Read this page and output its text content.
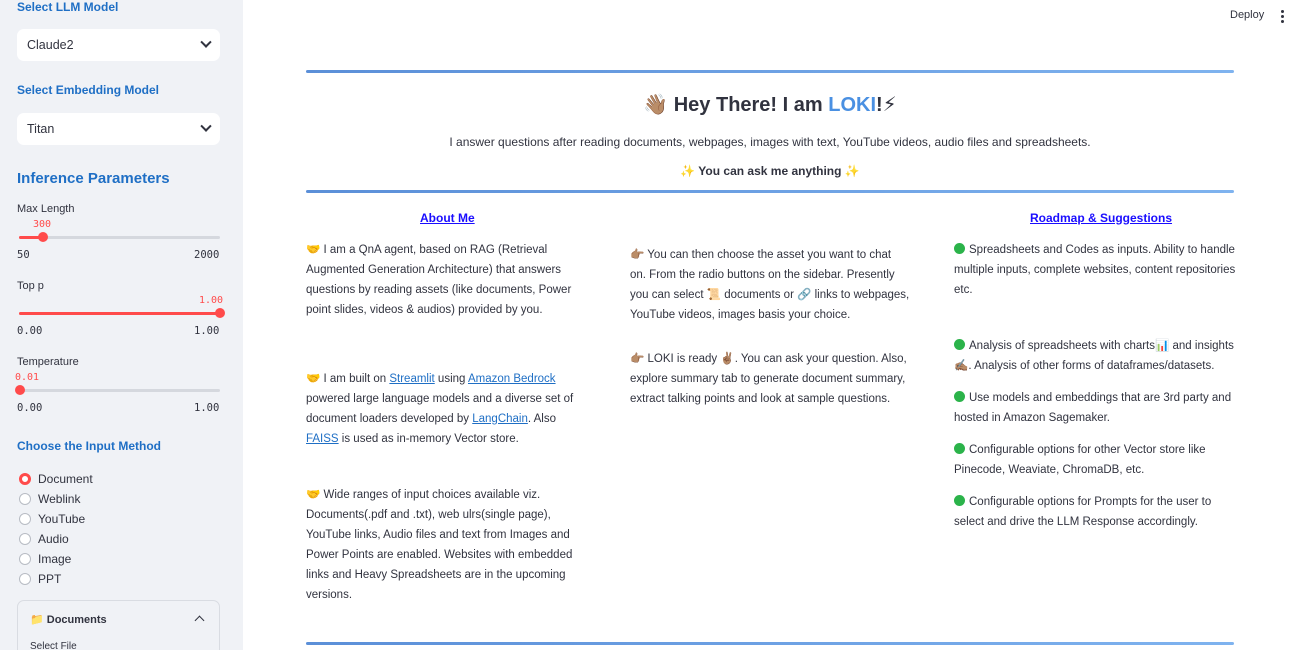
Select LLM Model
Claude2
Select Embedding Model
Titan
Inference Parameters
Max Length
300
50	2000
Top p
1.00
0.00	1.00
Temperature
0.01
0.00	1.00
Choose the Input Method
Document
Weblink
YouTube
Audio
Image
PPT
📁 Documents
Select File
Deploy
👋🏽 Hey There! I am LOKI!⚡
I answer questions after reading documents, webpages, images with text, YouTube videos, audio files and spreadsheets.
✨ You can ask me anything ✨
About Me	Roadmap & Suggestions
🤝 I am a QnA agent, based on RAG (Retrieval Augmented Generation Architecture) that answers questions by reading assets (like documents, Power point slides, videos & audios) provided by you.
🤝 I am built on Streamlit using Amazon Bedrock powered large language models and a diverse set of document loaders developed by LangChain. Also FAISS is used as in-memory Vector store.
🤝 Wide ranges of input choices available viz. Documents(.pdf and .txt), web ulrs(single page), YouTube links, Audio files and text from Images and Power Points are enabled. Websites with embedded links and Heavy Spreadsheets are in the upcoming versions.
👉🏽 You can then choose the asset you want to chat on. From the radio buttons on the sidebar. Presently you can select 📜 documents or 🔗 links to webpages, YouTube videos, images basis your choice.
👉🏽 LOKI is ready ✌🏽. You can ask your question. Also, explore summary tab to generate document summary, extract talking points and look at sample questions.
Spreadsheets and Codes as inputs. Ability to handle multiple inputs, complete websites, content repositories etc.
Analysis of spreadsheets with charts📊 and insights ✍🏽. Analysis of other forms of dataframes/datasets.
Use models and embeddings that are 3rd party and hosted in Amazon Sagemaker.
Configurable options for other Vector store like Pinecode, Weaviate, ChromaDB, etc.
Configurable options for Prompts for the user to select and drive the LLM Response accordingly.
